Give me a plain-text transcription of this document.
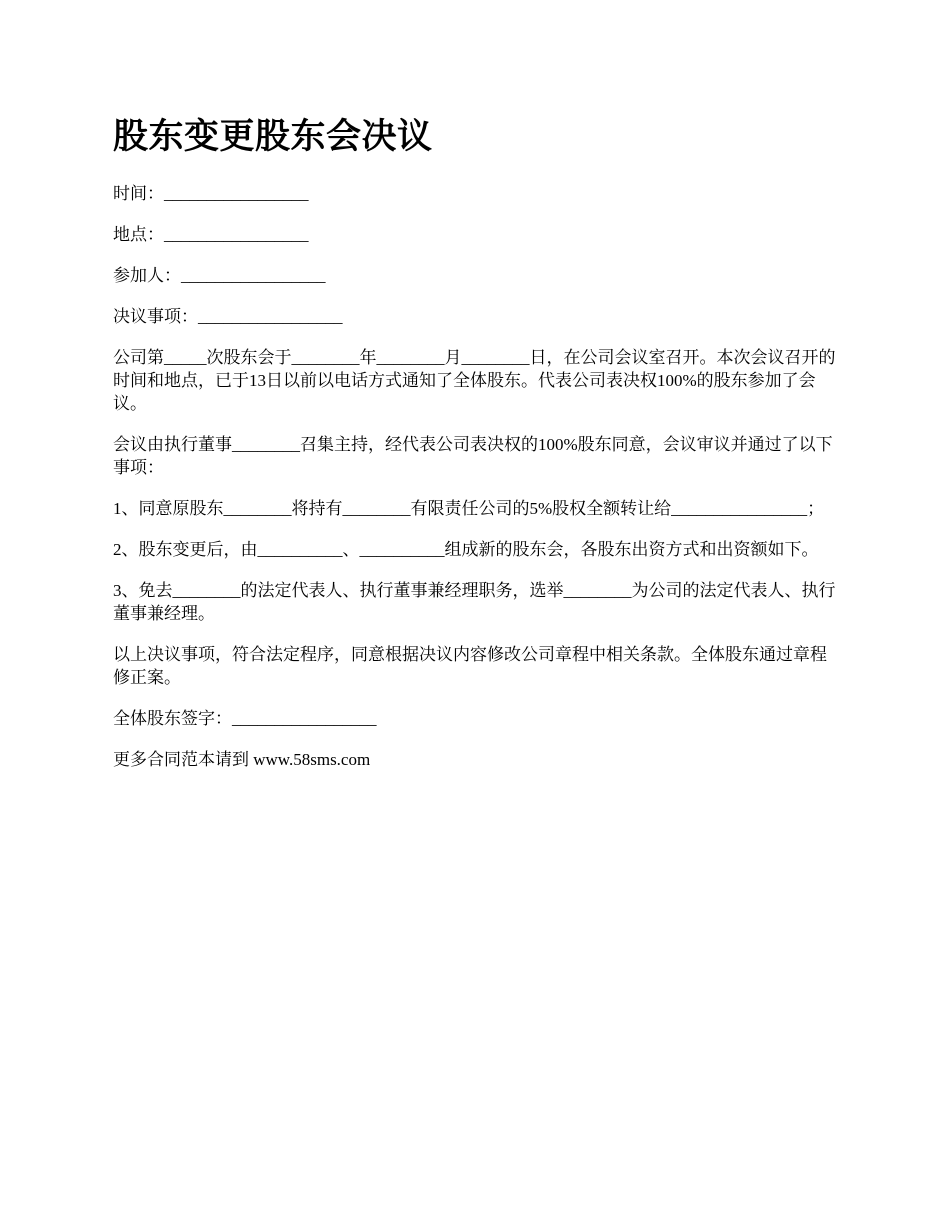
股东变更股东会决议

时间：_________________

地点：_________________

参加人：_________________

决议事项：_________________

公司第_____次股东会于________年________月________日，在公司会议室召开。本次会议召开的时间和地点，已于13日以前以电话方式通知了全体股东。代表公司表决权100%的股东参加了会议。

会议由执行董事________召集主持，经代表公司表决权的100%股东同意，会议审议并通过了以下事项：

1、同意原股东________将持有________有限责任公司的5%股权全额转让给________________；

2、股东变更后，由__________、__________组成新的股东会，各股东出资方式和出资额如下。

3、免去________的法定代表人、执行董事兼经理职务，选举________为公司的法定代表人、执行董事兼经理。

以上决议事项，符合法定程序，同意根据决议内容修改公司章程中相关条款。全体股东通过章程修正案。

全体股东签字：_________________

更多合同范本请到 www.58sms.com
